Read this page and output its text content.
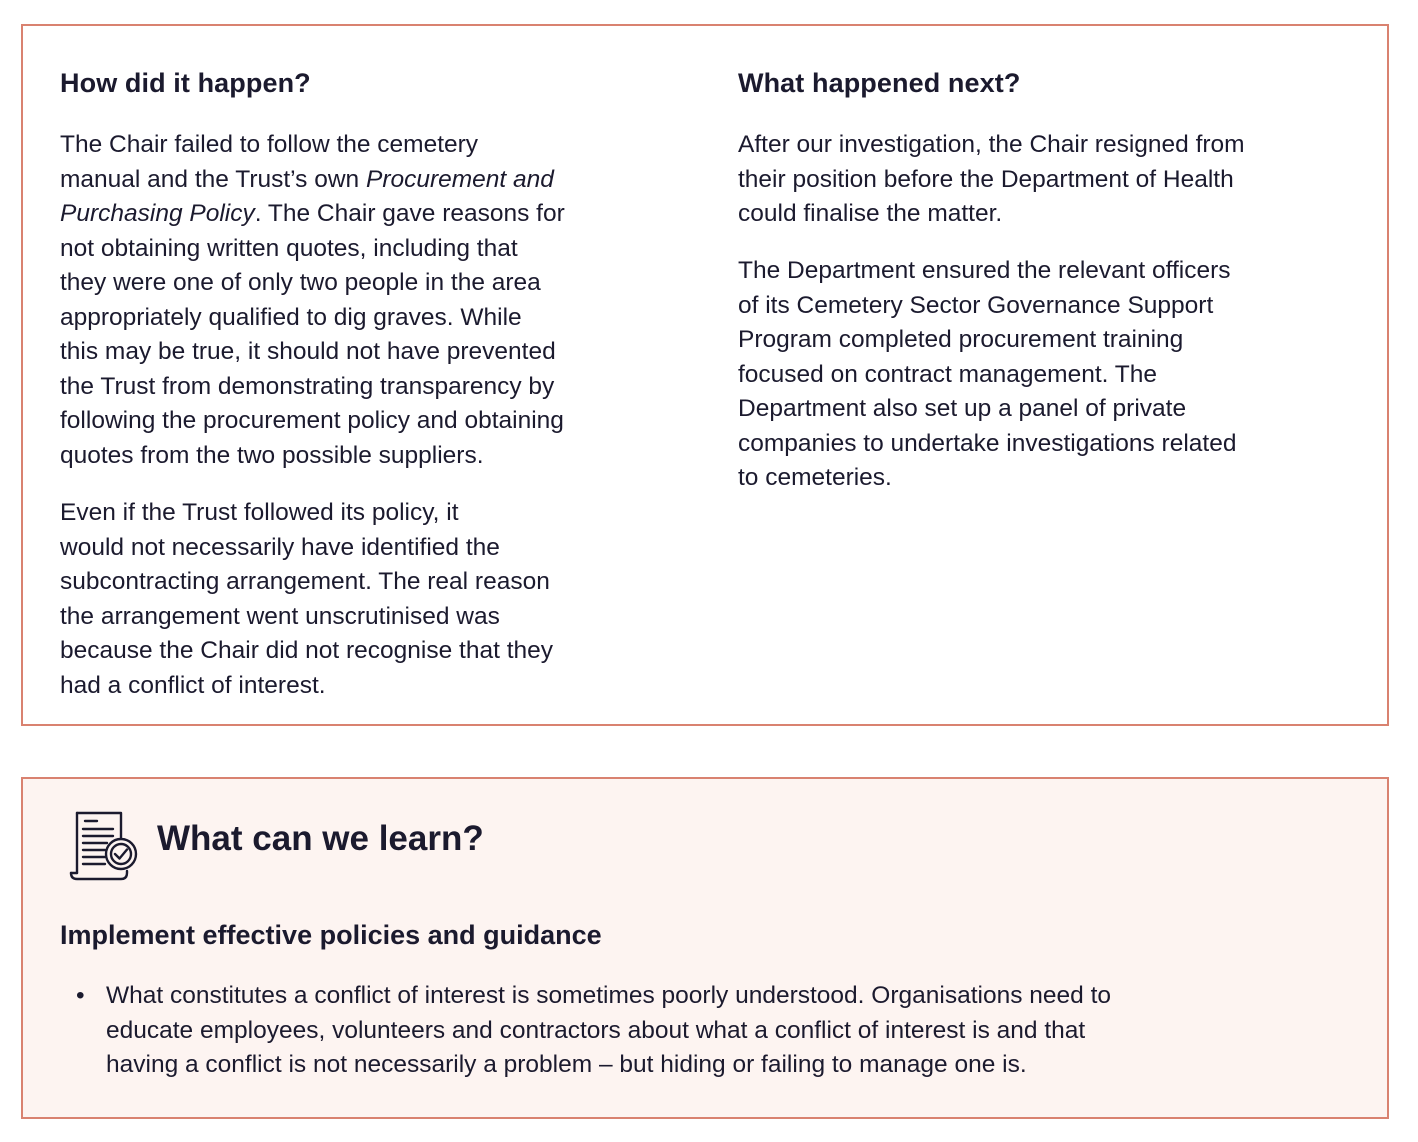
How did it happen?

The Chair failed to follow the cemetery

manual and the Trust’s own Procurement and

Purchasing Policy. The Chair gave reasons for

not obtaining written quotes, including that

they were one of only two people in the area

appropriately qualified to dig graves. While

this may be true, it should not have prevented

the Trust from demonstrating transparency by

following the procurement policy and obtaining

quotes from the two possible suppliers.

Even if the Trust followed its policy, it

would not necessarily have identified the

subcontracting arrangement. The real reason

the arrangement went unscrutinised was

because the Chair did not recognise that they

had a conflict of interest.

What happened next?

After our investigation, the Chair resigned from

their position before the Department of Health

could finalise the matter.

The Department ensured the relevant officers

of its Cemetery Sector Governance Support

Program completed procurement training

focused on contract management. The

Department also set up a panel of private

companies to undertake investigations related

to cemeteries.

What can we learn?
Implement effective policies and guidance
• What constitutes a conflict of interest is sometimes poorly understood. Organisations need to
educate employees, volunteers and contractors about what a conflict of interest is and that
having a conflict is not necessarily a problem – but hiding or failing to manage one is.
